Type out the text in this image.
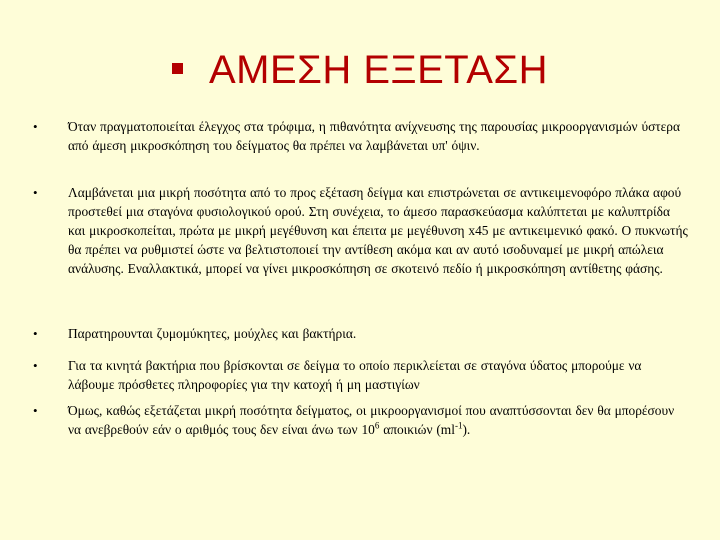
ΑΜΕΣΗ ΕΞΕΤΑΣΗ
•	Όταν πραγματοποιείται έλεγχος στα τρόφιμα, η πιθανότητα ανίχνευσης της παρουσίας μικροοργανισμών ύστερα από άμεση μικροσκόπηση του δείγματος θα πρέπει να λαμβάνεται υπ' όψιν.
•	Λαμβάνεται μια μικρή ποσότητα από το προς εξέταση δείγμα και επιστρώνεται σε αντικειμενοφόρο πλάκα αφού προστεθεί μια σταγόνα φυσιολογικού ορού. Στη συνέχεια, το άμεσο παρασκεύασμα καλύπτεται με καλυπτρίδα και μικροσκοπείται, πρώτα με μικρή μεγέθυνση και έπειτα με μεγέθυνση x45 με αντικειμενικό φακό. Ο πυκνωτής θα πρέπει να ρυθμιστεί ώστε να βελτιστοποιεί την αντίθεση ακόμα και αν αυτό ισοδυναμεί με μικρή απώλεια ανάλυσης. Εναλλακτικά, μπορεί να γίνει μικροσκόπηση σε σκοτεινό πεδίο ή μικροσκόπηση αντίθετης φάσης.
•	Παρατηρουνται ζυμομύκητες, μούχλες και βακτήρια.
•	Για τα κινητά βακτήρια που βρίσκονται σε δείγμα το οποίο περικλείεται σε σταγόνα ύδατος μπορούμε να λάβουμε πρόσθετες πληροφορίες για την κατοχή ή μη μαστιγίων
•	Όμως, καθώς εξετάζεται μικρή ποσότητα δείγματος, οι μικροοργανισμοί που αναπτύσσονται δεν θα μπορέσουν να ανεβρεθούν εάν ο αριθμός τους δεν είναι άνω των $10^6$ αποικιών $(ml^{-1})$.
